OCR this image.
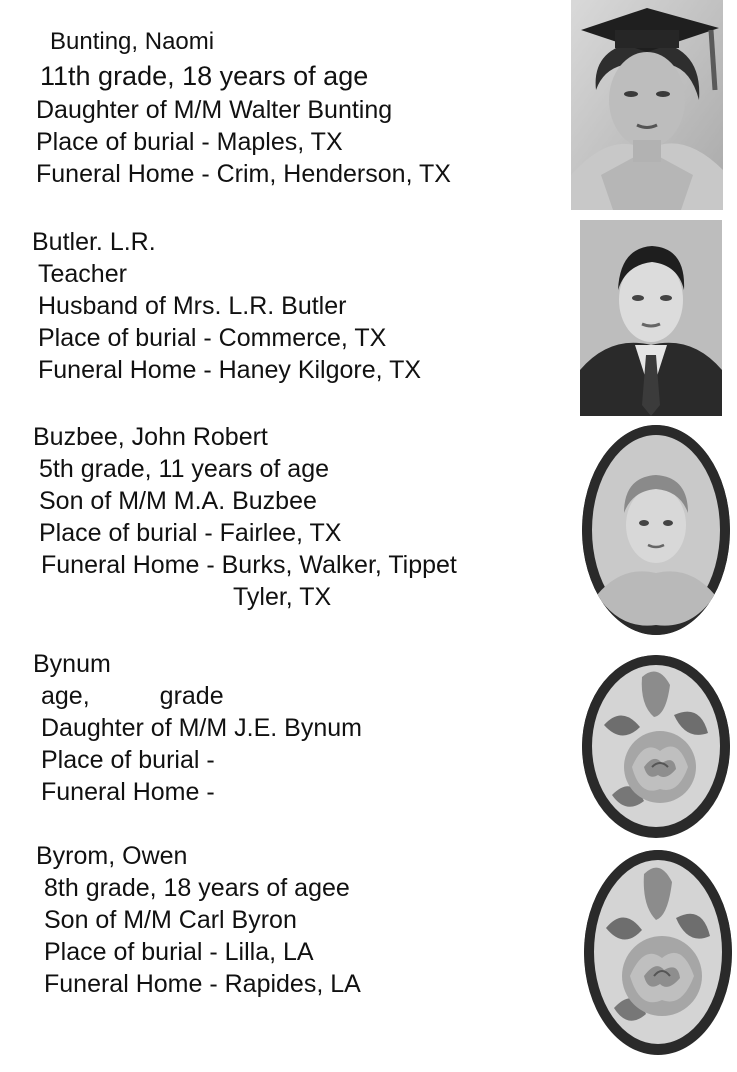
Bunting, Naomi
11th grade, 18 years of age
Daughter of M/M Walter Bunting
Place of burial - Maples, TX
Funeral Home - Crim, Henderson, TX
Butler. L.R.
Teacher
Husband of Mrs. L.R. Butler
Place of burial - Commerce, TX
Funeral Home - Haney Kilgore, TX
Buzbee, John Robert
5th grade, 11 years of age
Son of M/M M.A. Buzbee
Place of burial - Fairlee, TX
Funeral Home - Burks, Walker, Tippet
Tyler, TX
Bynum
age,	grade
Daughter of M/M J.E. Bynum
Place of burial -
Funeral Home -
Byrom, Owen
8th grade, 18 years of agee
Son of M/M Carl Byron
Place of burial - Lilla, LA
Funeral Home - Rapides, LA
